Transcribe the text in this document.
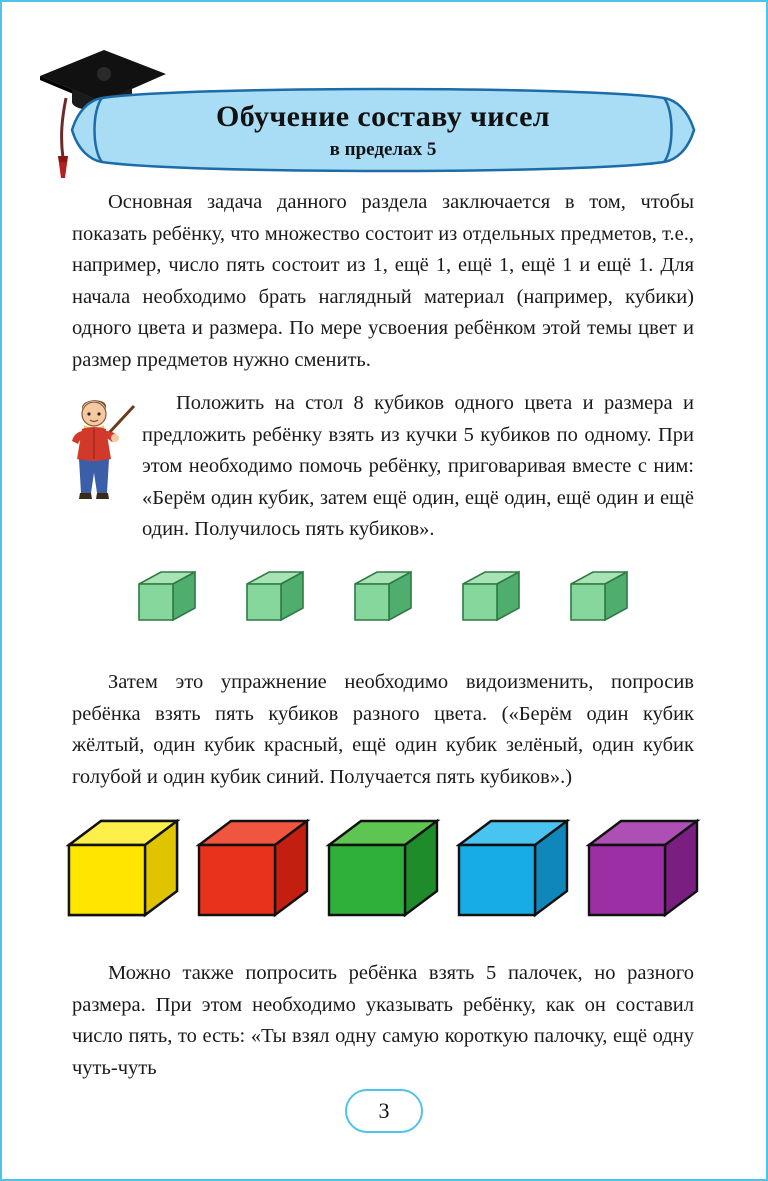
Обучение составу чисел
в пределах 5

Основная задача данного раздела заключается в том, чтобы показать ребёнку, что множество состоит из отдельных предметов, т.е., например, число пять состоит из 1, ещё 1, ещё 1, ещё 1 и ещё 1. Для начала необходимо брать наглядный материал (например, кубики) одного цвета и размера. По мере усвоения ребёнком этой темы цвет и размер предметов нужно сменить.

Положить на стол 8 кубиков одного цвета и размера и предложить ребёнку взять из кучки 5 кубиков по одному. При этом необходимо помочь ребёнку, приговаривая вместе с ним: «Берём один кубик, затем ещё один, ещё один, ещё один и ещё один. Получилось пять кубиков».

Затем это упражнение необходимо видоизменить, попросив ребёнка взять пять кубиков разного цвета. («Берём один кубик жёлтый, один кубик красный, ещё один кубик зелёный, один кубик голубой и один кубик синий. Получается пять кубиков».)

Можно также попросить ребёнка взять 5 палочек, но разного размера. При этом необходимо указывать ребёнку, как он составил число пять, то есть: «Ты взял одну самую короткую палочку, ещё одну чуть-чуть

3
